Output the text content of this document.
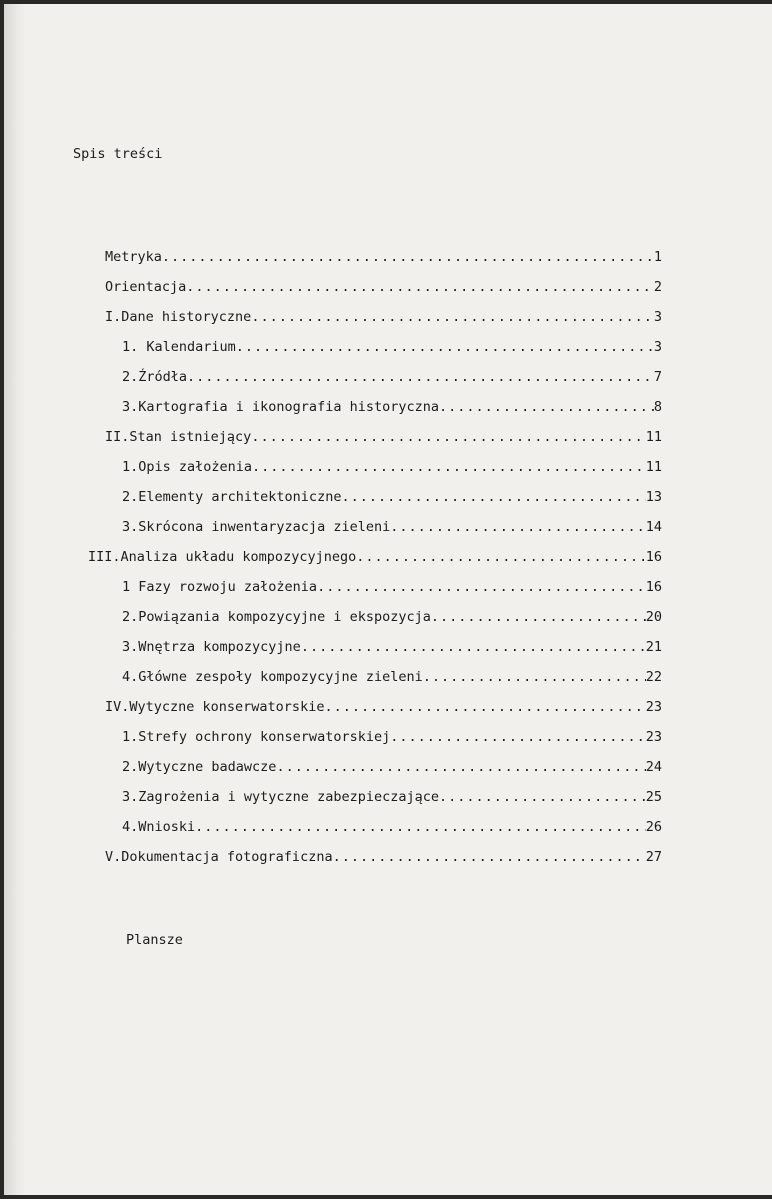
Spis treści
Metryka .....	1
Orientacja .....	2
I.Dane historyczne .....	3
1. Kalendarium .....	3
2.Źródła .....	7
3.Kartografia i ikonografia historyczna .....	8
II.Stan istniejący .....	11
1.Opis założenia .....	11
2.Elementy architektoniczne .....	13
3.Skrócona inwentaryzacja zieleni .....	14
III.Analiza układu kompozycyjnego .....	16
1 Fazy rozwoju założenia .....	16
2.Powiązania kompozycyjne i ekspozycja .....	20
3.Wnętrza kompozycyjne .....	21
4.Główne zespoły kompozycyjne zieleni .....	22
IV.Wytyczne konserwatorskie .....	23
1.Strefy ochrony konserwatorskiej .....	23
2.Wytyczne badawcze .....	24
3.Zagrożenia i wytyczne zabezpieczające .....	25
4.Wnioski .....	26
V.Dokumentacja fotograficzna .....	27
Plansze
